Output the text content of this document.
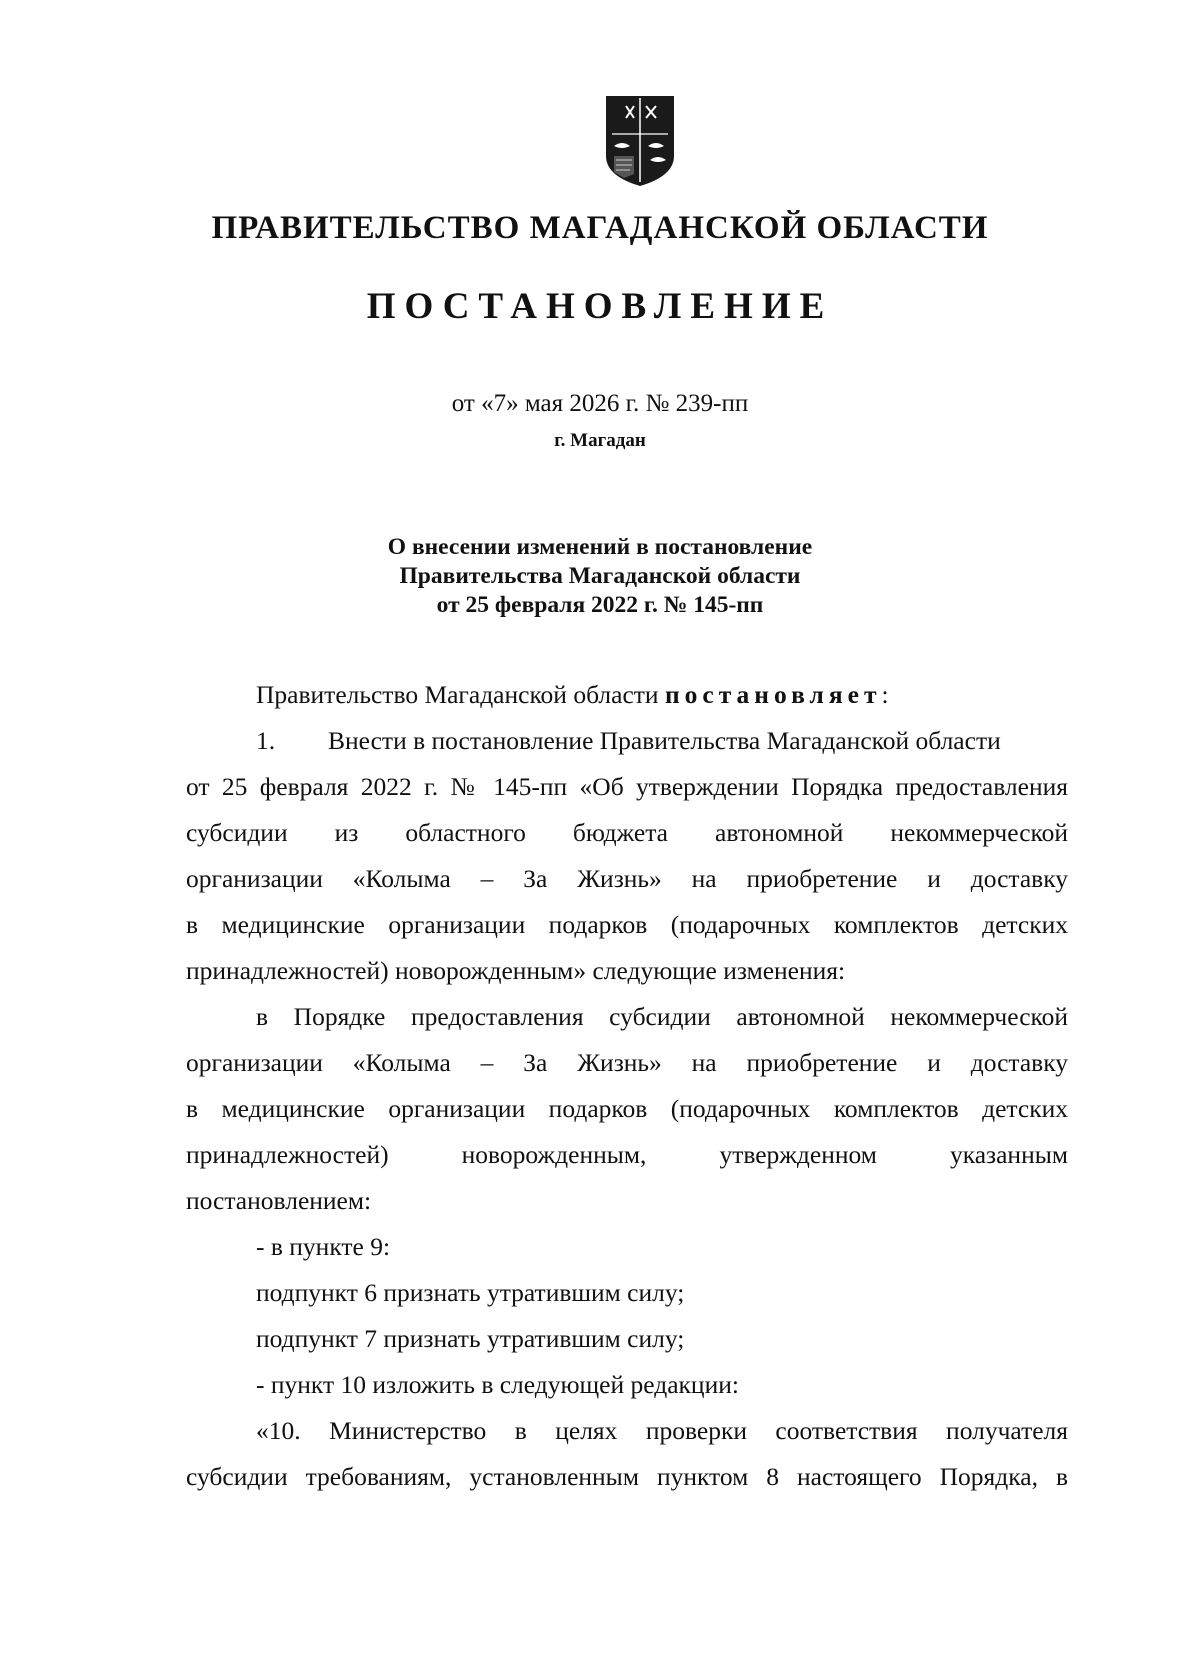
ПРАВИТЕЛЬСТВО МАГАДАНСКОЙ ОБЛАСТИ
ПОСТАНОВЛЕНИЕ
от «7» мая 2026 г. № 239-пп
г. Магадан
О внесении изменений в постановление
Правительства Магаданской области
от 25 февраля 2022 г. № 145-пп
Правительство Магаданской области постановляет:
1. Внести в постановление Правительства Магаданской области
от 25 февраля 2022 г. № 145-пп «Об утверждении Порядка предоставления
субсидии из областного бюджета автономной некоммерческой
организации «Колыма – За Жизнь» на приобретение и доставку
в медицинские организации подарков (подарочных комплектов детских
принадлежностей) новорожденным» следующие изменения:
в Порядке предоставления субсидии автономной некоммерческой
организации «Колыма – За Жизнь» на приобретение и доставку
в медицинские организации подарков (подарочных комплектов детских
принадлежностей) новорожденным, утвержденном указанным
постановлением:
- в пункте 9:
подпункт 6 признать утратившим силу;
подпункт 7 признать утратившим силу;
- пункт 10 изложить в следующей редакции:
«10. Министерство в целях проверки соответствия получателя
субсидии требованиям, установленным пунктом 8 настоящего Порядка, в
